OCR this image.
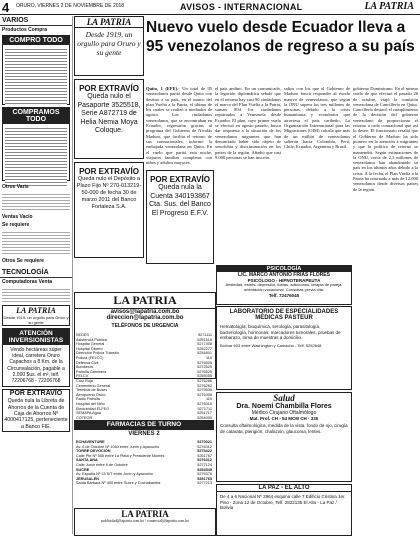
4 ORURO, VIERNES 2 DE NOVIEMBRE DE 2018	AVISOS - INTERNACIONAL	LA PATRIA
VARIOS
Productos Compra
COMPRO TODO
COMPRAMOS TODO
Otros Varis
Ventas Vacío
Se requiere
Otros Se requiere
TECNOLOGÍA
Computadoras Venta
LA PATRIA
Desde 1919, un orgullo para Oruro y su gente
ATENCIÓN INVERSIONISTAS
Vendo hectáreas súper ideal, carretera Oruro Capachos a 8 Km. de la Circunvalación, pagable a 2.000 $us. el m², telf. 72206768 - 72206768
POR EXTRAVÍO
Queda nula la Libreta de Ahorros de la Cuenta de Caja de Ahorros Nº 4000417125, perteneciente a Banco FIE.
LA PATRIA
Desde 1919, un orgullo para Oruro y su gente
POR EXTRAVÍO
Queda nulo el Pasaporte 3525518, Serie A872719 de Helia Nemia Moya Coloque.
POR EXTRAVÍO
Queda nulo el Depósito a Plazo Fijo Nº 270-013219-50-000 de fecha 30 de marzo 2011 del Banco Fortaleza S.A.
POR EXTRAVÍO
Queda nula la Cuenta 340193867 Cta. Sus. del Banco El Progreso E.F.V.
Nuevo vuelo desde Ecuador lleva a 95 venezolanos de regreso a su país
Quito, 1 (EFE).- Un total de 95 venezolanos partió desde Quito con destino a su país, en el marco del plan Vuelta a la Patria, el último de los cuales se realizó a mediados de agosto. Los ciudadanos venezolanos, que se encontraban en Ecuador, regresaron gracias al programa del Gobierno de Nicolás Maduro, que facilita el retorno de sus connacionales, informó la embajada venezolana en Quito. En el vuelo que partió esta noche, viajaron familias completas con niños y adultos mayores.
el país andino. En un comunicado, la legación diplomática señaló que en el retorno hay casi 90 ciudadanos el marco del Plan Vuelta a la Patria, suman 894 los ciudadanos repatriados a Venezuela desde Ecuador. El plan, cuyo primer vuelo se efectuó en agosto pasado, busca dar respuesta a la situación de los venezolanos migrantes que han denunciado haber sido objeto de xenofobia y discriminación en los países de la región. Añadió que casi 9.000 personas se han inscrito.
saltos con los que el Gobierno de Maduro busca responder al éxodo masivo de venezolanos, que según la ONU supera los tres millones de personas, debido a la crisis humanitaria y económica que atraviesa el país caribeño. La Organización Internacional para las Migraciones (OIM) calcula que más de un millón de venezolanos salieron hacia Colombia, Perú, Chile, Ecuador, Argentina y Brasil.
gobierno Dominicano. En el mismo vuelo de que efectuó el pasado 26 de octubre, viajó la comisión venezolana de Cancillería en Quito. Cancillería destacó el cumplimiento de la decisión del gobierno venezolano de proporcionar el retorno a cada connacional que así lo desee. El funcionario resaltó que el Gobierno de Maduro ha sido pionero en la atención a migrantes y que la política de retorno se mantendrá. Según estimaciones de la ONU, cerca de 2,3 millones de venezolanos han abandonado su país en los últimos años debido a la crisis. A la fecha, el Plan Vuelta a la Patria ha retornado a más de 12.000 venezolanos desde diversos países de la región.
LA PATRIA
avisos@lapatria.com.bo
direccion@lapatria.com.bo
TELÉFONOS DE URGENCIA
SEDES	5271111
Asistencia Pública	5251515
Hospital General	5277408
Hospital Obrero	5252277
Dirección Policía Tránsito	5254801
Policía (FELCC)	110
Defensa Civil	5276505
Bomberos	5272525
Patrulla Caminera	5276525
FELCV	5255055
Cruz Roja	5276266
Cementerio General	5276262
Terminal de Buses	5279535
Aeropuerto Oruro	5276305
Radio Patrulla	110
Hospital del Niño	5276315
Electricidad ELFEO	5271711
SEMAPA Agua	5251717
COTEOR	5254000
FARMACIAS DE TURNO
VIERNES 2
ECHAVENTURE	5270021
Av. 6 de Octubre Nº 1063 entre Junín y Ayacucho	5276312
TORRE DEVOCIÓN	5275422
Calle Pte Nº 555 entre La Plata y Presidente Montes	5251767
SANTA ANA	5276312
Calle Junín entre 6 de Octubre	5277124
SUCRE	5254545
Av. España Nº 13 S/T entre Junín y Ayacucho	5276378
JERUSALÉN	5251765
Santa Bárbara Nº 400 entre Sucre y Cochabamba	5277213
LA PATRIA
publicidad@lapatria.com.bo / comercial@lapatria.com.bo
PSICOLOGÍA
LIC. MARCO ANTONIO FRÍAS FLORES
PSICÓLOGO - HIPNOTERAPEUTA
Ansiedad, estrés, depresión, fobias, adicciones, terapia de pareja, orientación vocacional. Consultas previa cita.
Telf. 72476045
LABORATORIO DE ESPECIALIDADES MÉDICAS PASTEUR
Hematología, bioquímica, serología, parasitología, bacteriología, hormonas, marcadores tumorales, pruebas de embarazo, toma de muestras a domicilio.
Bolívar 603 entre Washington y Camacho - Telf. 5252648
Salud
Dra. Noemí Chambilla Flores
Médico Cirujano Oftalmólogo
Mat. Prof. CH - 54 MCM CH - 330
Consulta oftalmológica, medida de la vista, fondo de ojo, cirugía de catarata, pterigión, chalazión, glaucoma, lentes.
LA PAZ - EL ALTO
De 4 a 6 Nacional Nº 2964 esquina calle 7 Edificio Cristina 1er. Piso - Zona 12 de Octubre, Telf. 2822135 El Alto - La Paz / Bolivia
